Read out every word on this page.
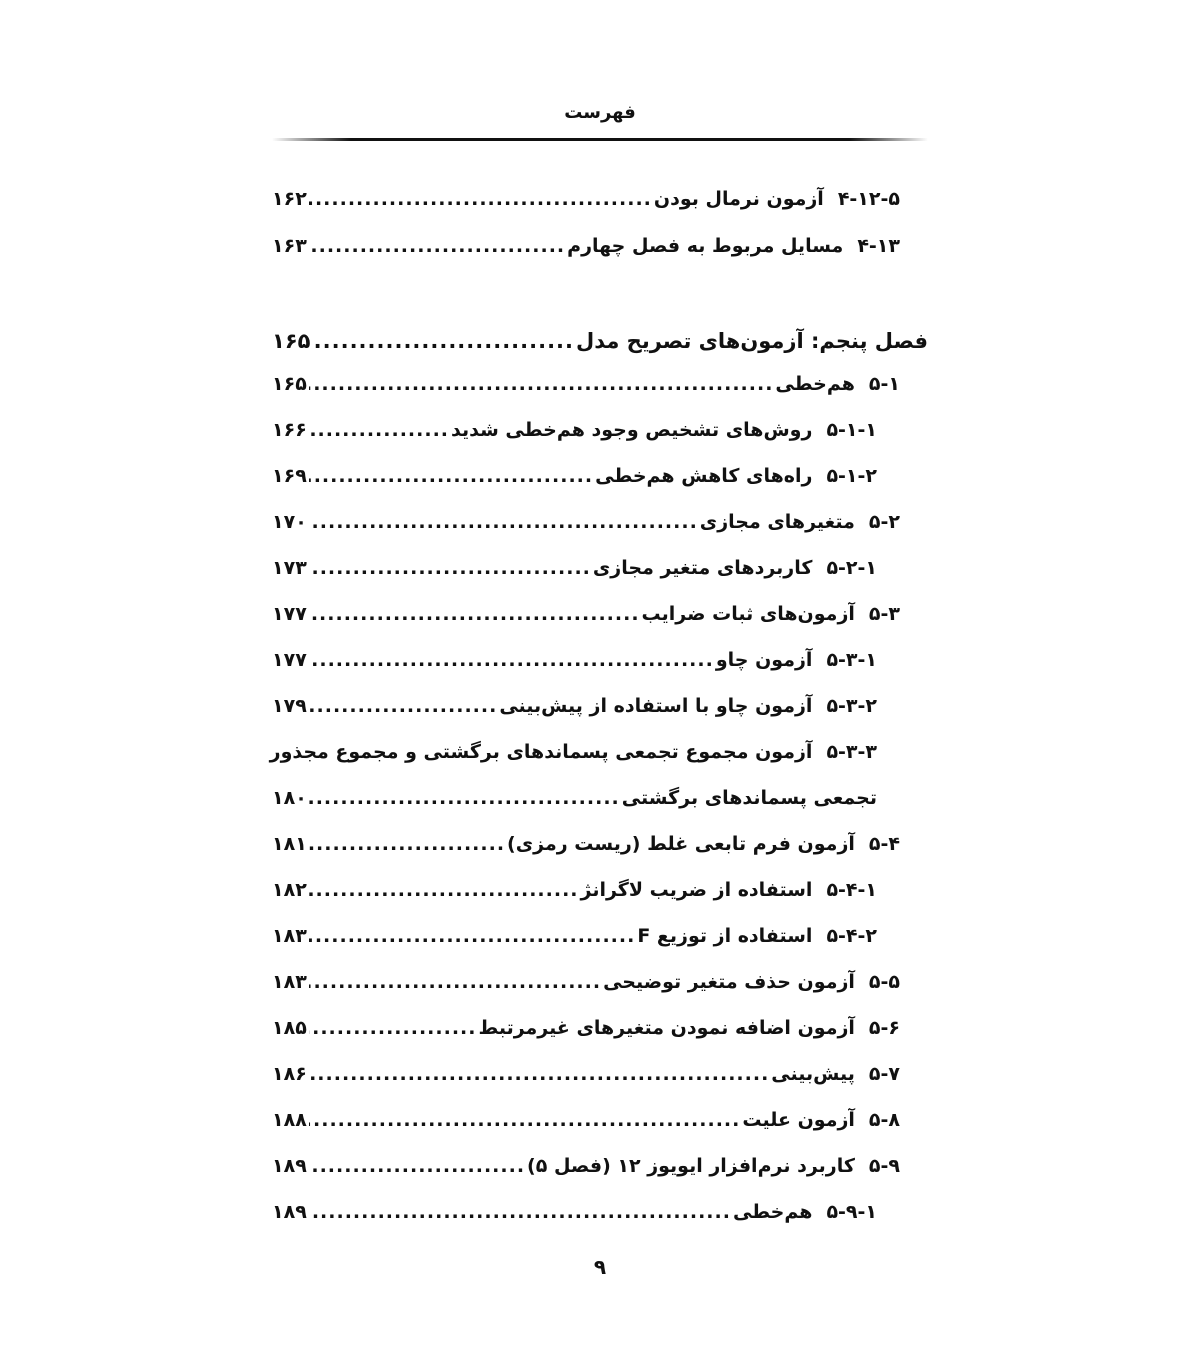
فهرست
۴-۱۲-۵
آزمون نرمال بودن
.....
۱۶۲
۴-۱۳
مسایل مربوط به فصل چهارم
.....
۱۶۳
فصل پنجم: آزمون‌های تصریح مدل
.....
۱۶۵
۵-۱
هم‌خطی
.....
۱۶۵
۵-۱-۱
روش‌های تشخیص وجود هم‌خطی شدید
.....
۱۶۶
۵-۱-۲
راه‌های کاهش هم‌خطی
.....
۱۶۹
۵-۲
متغیرهای مجازی
.....
۱۷۰
۵-۲-۱
کاربردهای متغیر مجازی
.....
۱۷۳
۵-۳
آزمون‌های ثبات ضرایب
.....
۱۷۷
۵-۳-۱
آزمون چاو
.....
۱۷۷
۵-۳-۲
آزمون چاو با استفاده از پیش‌بینی
.....
۱۷۹
۵-۳-۳
آزمون مجموع تجمعی پسماندهای برگشتی و مجموع مجذور
تجمعی پسماندهای برگشتی
.....
۱۸۰
۵-۴
آزمون فرم تابعی غلط (ریست رمزی)
.....
۱۸۱
۵-۴-۱
استفاده از ضریب لاگرانژ
.....
۱۸۲
۵-۴-۲
استفاده از توزیع F
.....
۱۸۳
۵-۵
آزمون حذف متغیر توضیحی
.....
۱۸۳
۵-۶
آزمون اضافه نمودن متغیرهای غیرمرتبط
.....
۱۸۵
۵-۷
پیش‌بینی
.....
۱۸۶
۵-۸
آزمون علیت
.....
۱۸۸
۵-۹
کاربرد نرم‌افزار ایویوز ۱۲ (فصل ۵)
.....
۱۸۹
۵-۹-۱
هم‌خطی
.....
۱۸۹
۹
